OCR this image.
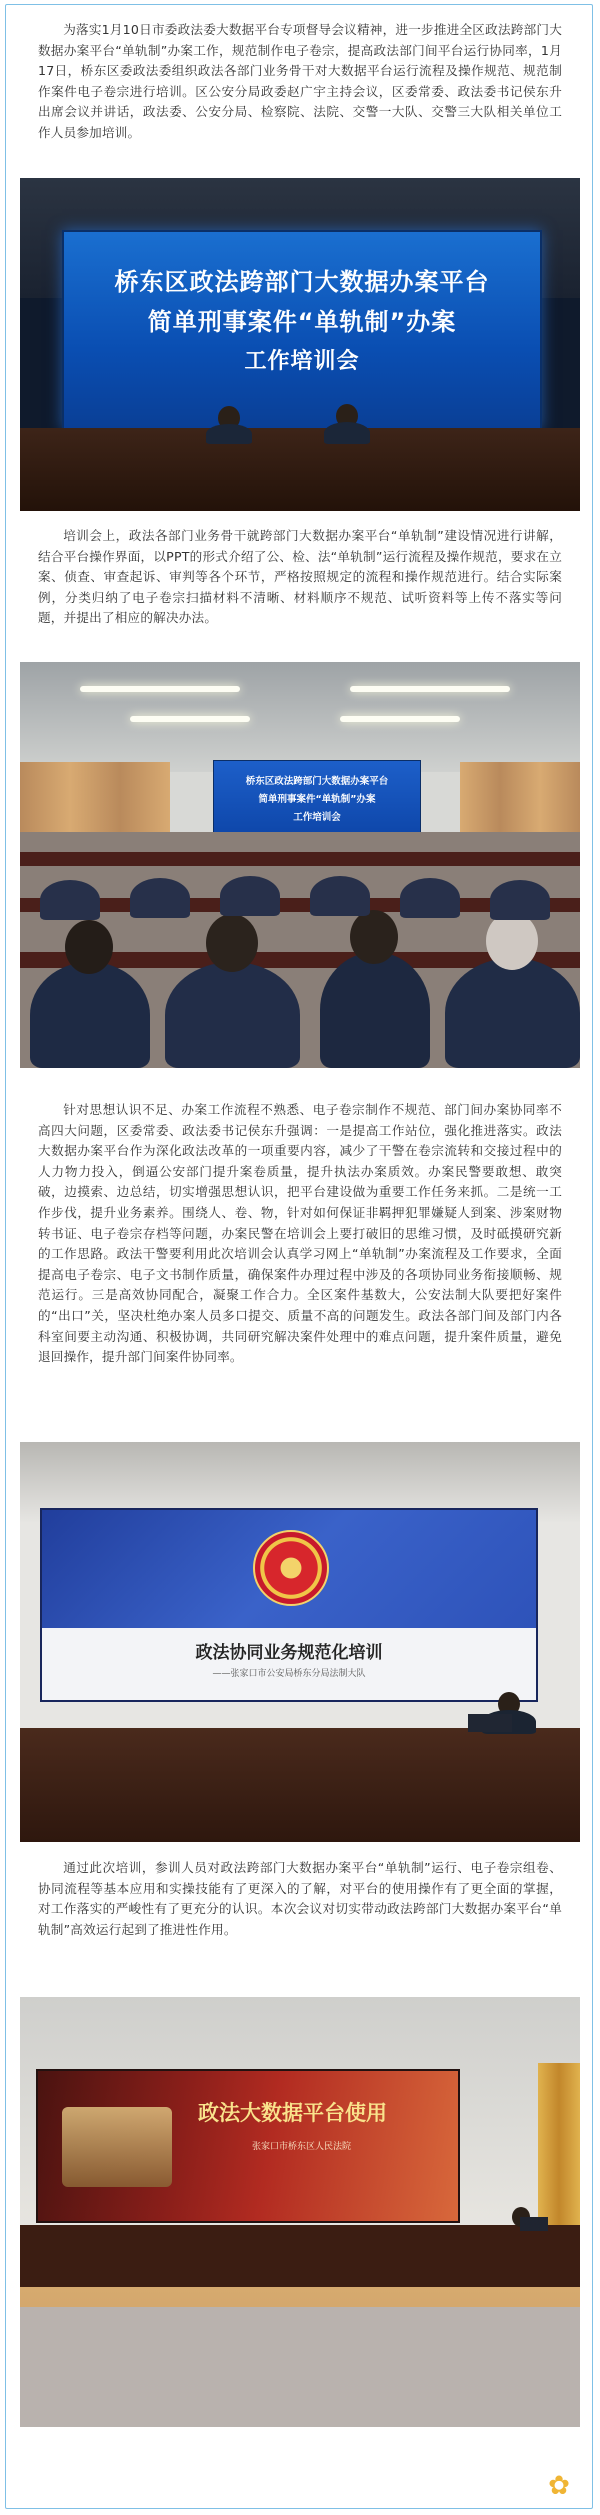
为落实1月10日市委政法委大数据平台专项督导会议精神，进一步推进全区政法跨部门大数据办案平台“单轨制”办案工作，规范制作电子卷宗，提高政法部门间平台运行协同率，1月17日，桥东区委政法委组织政法各部门业务骨干对大数据平台运行流程及操作规范、规范制作案件电子卷宗进行培训。区公安分局政委赵广宇主持会议，区委常委、政法委书记侯东升出席会议并讲话，政法委、公安分局、检察院、法院、交警一大队、交警三大队相关单位工作人员参加培训。

桥东区政法跨部门大数据办案平台
简单刑事案件“单轨制”办案
工作培训会

培训会上，政法各部门业务骨干就跨部门大数据办案平台“单轨制”建设情况进行讲解，结合平台操作界面，以PPT的形式介绍了公、检、法“单轨制”运行流程及操作规范，要求在立案、侦查、审查起诉、审判等各个环节，严格按照规定的流程和操作规范进行。结合实际案例，分类归纳了电子卷宗扫描材料不清晰、材料顺序不规范、试听资料等上传不落实等问题，并提出了相应的解决办法。

桥东区政法跨部门大数据办案平台
简单刑事案件“单轨制”办案
工作培训会

针对思想认识不足、办案工作流程不熟悉、电子卷宗制作不规范、部门间办案协同率不高四大问题，区委常委、政法委书记侯东升强调：一是提高工作站位，强化推进落实。政法大数据办案平台作为深化政法改革的一项重要内容，减少了干警在卷宗流转和交接过程中的人力物力投入，倒逼公安部门提升案卷质量，提升执法办案质效。办案民警要敢想、敢突破，边摸索、边总结，切实增强思想认识，把平台建设做为重要工作任务来抓。二是统一工作步伐，提升业务素养。围绕人、卷、物，针对如何保证非羁押犯罪嫌疑人到案、涉案财物转书证、电子卷宗存档等问题，办案民警在培训会上要打破旧的思维习惯，及时砥摸研究新的工作思路。政法干警要利用此次培训会认真学习网上“单轨制”办案流程及工作要求，全面提高电子卷宗、电子文书制作质量，确保案件办理过程中涉及的各项协同业务衔接顺畅、规范运行。三是高效协同配合，凝聚工作合力。全区案件基数大，公安法制大队要把好案件的“出口”关，坚决杜绝办案人员多口提交、质量不高的问题发生。政法各部门间及部门内各科室间要主动沟通、积极协调，共同研究解决案件处理中的难点问题，提升案件质量，避免退回操作，提升部门间案件协同率。

政法协同业务规范化培训
——张家口市公安局桥东分局法制大队

通过此次培训，参训人员对政法跨部门大数据办案平台“单轨制”运行、电子卷宗组卷、协同流程等基本应用和实操技能有了更深入的了解，对平台的使用操作有了更全面的掌握，对工作落实的严峻性有了更充分的认识。本次会议对切实带动政法跨部门大数据办案平台“单轨制”高效运行起到了推进性作用。

政法大数据平台使用
张家口市桥东区人民法院
✿
